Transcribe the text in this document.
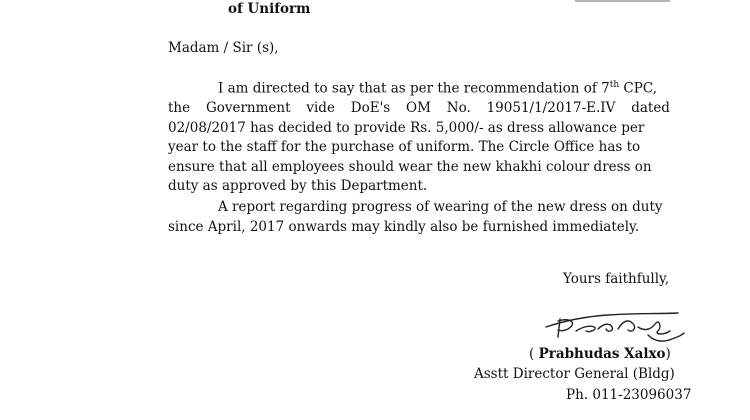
of Uniform
Madam / Sir (s),
I am directed to say that as per the recommendation of 7th CPC,
the Government vide DoE's OM No. 19051/1/2017-E.IV dated
02/08/2017 has decided to provide Rs. 5,000/- as dress allowance per
year to the staff for the purchase of uniform. The Circle Office has to
ensure that all employees should wear the new khakhi colour dress on
duty as approved by this Department.
A report regarding progress of wearing of the new dress on duty
since April, 2017 onwards may kindly also be furnished immediately.
Yours faithfully,
( Prabhudas Xalxo)
Asstt Director General (Bldg)
Ph. 011-23096037
